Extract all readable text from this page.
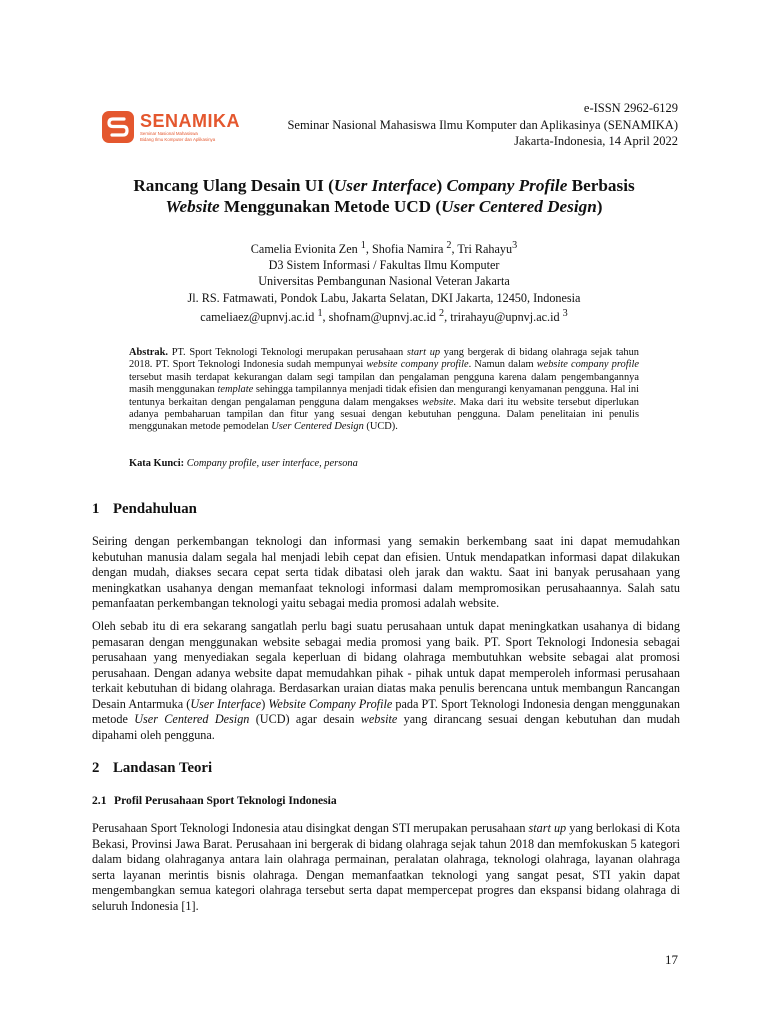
SENAMIKA
Seminar Nasional Mahasiswa
Bidang Ilmu Komputer dan Aplikasinya
e-ISSN 2962-6129
Seminar Nasional Mahasiswa Ilmu Komputer dan Aplikasinya (SENAMIKA)
Jakarta-Indonesia, 14 April 2022
Rancang Ulang Desain UI (User Interface) Company Profile Berbasis
Website Menggunakan Metode UCD (User Centered Design)
Camelia Evionita Zen $^1$, Shofia Namira $^2$, Tri Rahayu$^3$
D3 Sistem Informasi / Fakultas Ilmu Komputer
Universitas Pembangunan Nasional Veteran Jakarta
Jl. RS. Fatmawati, Pondok Labu, Jakarta Selatan, DKI Jakarta, 12450, Indonesia
cameliaez@upnvj.ac.id $^1$, shofnam@upnvj.ac.id $^2$, trirahayu@upnvj.ac.id $^3$
Abstrak. PT. Sport Teknologi Teknologi merupakan perusahaan start up yang bergerak di bidang olahraga sejak tahun 2018. PT. Sport Teknologi Indonesia sudah mempunyai website company profile. Namun dalam website company profile tersebut masih terdapat kekurangan dalam segi tampilan dan pengalaman pengguna karena dalam pengembangannya masih menggunakan template sehingga tampilannya menjadi tidak efisien dan mengurangi kenyamanan pengguna. Hal ini tentunya berkaitan dengan pengalaman pengguna dalam mengakses website. Maka dari itu website tersebut diperlukan adanya pembaharuan tampilan dan fitur yang sesuai dengan kebutuhan pengguna. Dalam penelitaian ini penulis menggunakan metode pemodelan User Centered Design (UCD).
Kata Kunci: Company profile, user interface, persona
1 Pendahuluan
Seiring dengan perkembangan teknologi dan informasi yang semakin berkembang saat ini dapat memudahkan kebutuhan manusia dalam segala hal menjadi lebih cepat dan efisien. Untuk mendapatkan informasi dapat dilakukan dengan mudah, diakses secara cepat serta tidak dibatasi oleh jarak dan waktu. Saat ini banyak perusahaan yang meningkatkan usahanya dengan memanfaat teknologi informasi dalam mempromosikan perusahaannya. Salah satu pemanfaatan perkembangan teknologi yaitu sebagai media promosi adalah website.
Oleh sebab itu di era sekarang sangatlah perlu bagi suatu perusahaan untuk dapat meningkatkan usahanya di bidang pemasaran dengan menggunakan website sebagai media promosi yang baik. PT. Sport Teknologi Indonesia sebagai perusahaan yang menyediakan segala keperluan di bidang olahraga membutuhkan website sebagai alat promosi perusahaan. Dengan adanya website dapat memudahkan pihak - pihak untuk dapat memperoleh informasi perusahaan terkait kebutuhan di bidang olahraga. Berdasarkan uraian diatas maka penulis berencana untuk membangun Rancangan Desain Antarmuka (User Interface) Website Company Profile pada PT. Sport Teknologi Indonesia dengan menggunakan metode User Centered Design (UCD) agar desain website yang dirancang sesuai dengan kebutuhan dan mudah dipahami oleh pengguna.
2 Landasan Teori
2.1 Profil Perusahaan Sport Teknologi Indonesia
Perusahaan Sport Teknologi Indonesia atau disingkat dengan STI merupakan perusahaan start up yang berlokasi di Kota Bekasi, Provinsi Jawa Barat. Perusahaan ini bergerak di bidang olahraga sejak tahun 2018 dan memfokuskan 5 kategori dalam bidang olahraganya antara lain olahraga permainan, peralatan olahraga, teknologi olahraga, layanan olahraga serta layanan merintis bisnis olahraga. Dengan memanfaatkan teknologi yang sangat pesat, STI yakin dapat mengembangkan semua kategori olahraga tersebut serta dapat mempercepat progres dan ekspansi bidang olahraga di seluruh Indonesia [1].
17
